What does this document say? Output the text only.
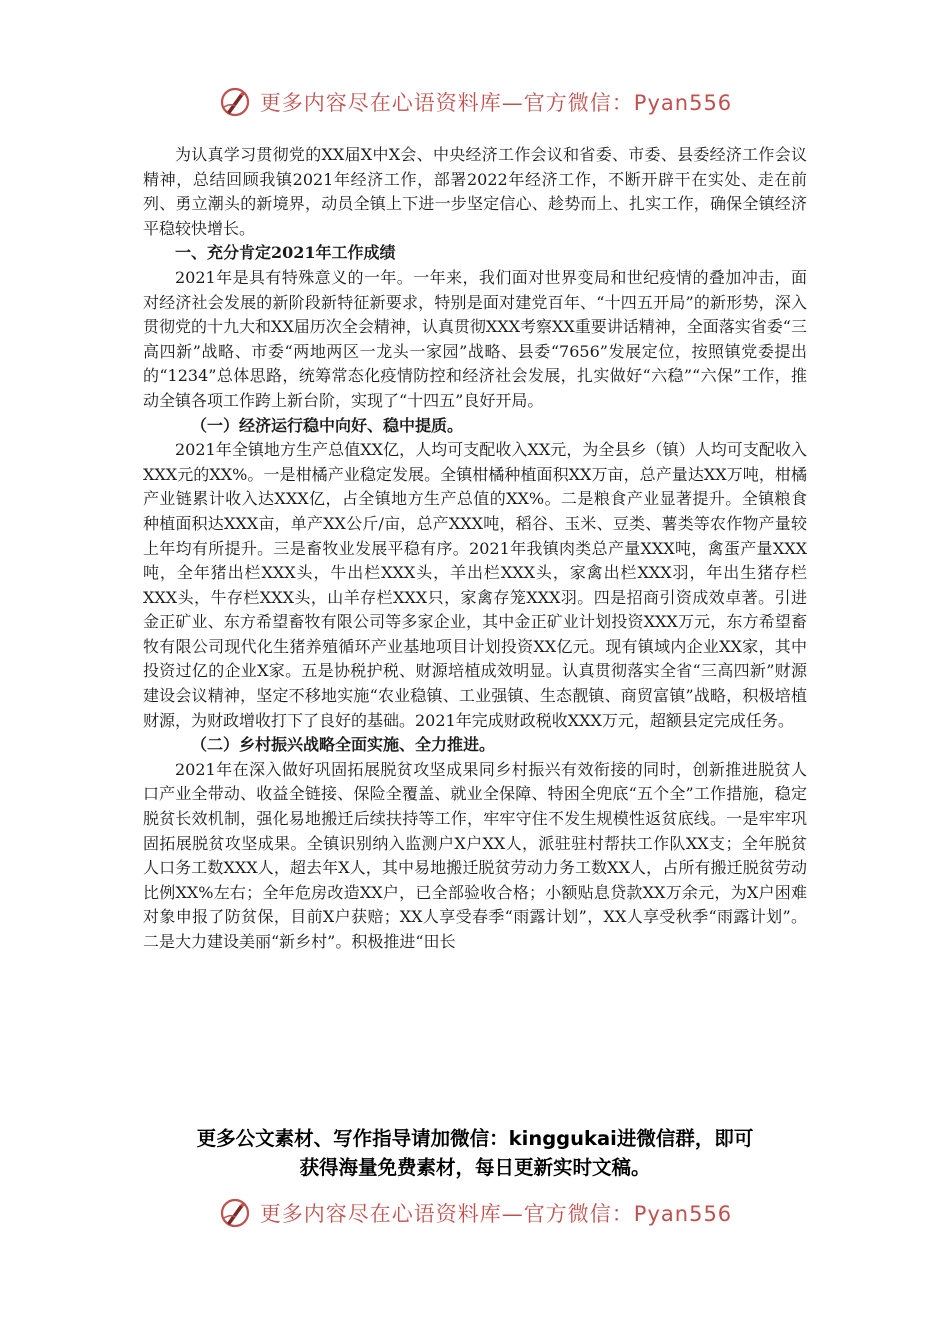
更多内容尽在心语资料库—官方微信：Pyan556

为认真学习贯彻党的XX届X中X会、中央经济工作会议和省委、市委、县委经济工作会议精神，总结回顾我镇2021年经济工作，部署2022年经济工作，不断开辟干在实处、走在前列、勇立潮头的新境界，动员全镇上下进一步坚定信心、趁势而上、扎实工作，确保全镇经济平稳较快增长。

一、充分肯定2021年工作成绩

2021年是具有特殊意义的一年。一年来，我们面对世界变局和世纪疫情的叠加冲击，面对经济社会发展的新阶段新特征新要求，特别是面对建党百年、“十四五开局”的新形势，深入贯彻党的十九大和XX届历次全会精神，认真贯彻XXX考察XX重要讲话精神，全面落实省委“三高四新”战略、市委“两地两区一龙头一家园”战略、县委“7656”发展定位，按照镇党委提出的“1234”总体思路，统筹常态化疫情防控和经济社会发展，扎实做好“六稳”“六保”工作，推动全镇各项工作跨上新台阶，实现了“十四五”良好开局。

（一）经济运行稳中向好、稳中提质。

2021年全镇地方生产总值XX亿，人均可支配收入XX元，为全县乡（镇）人均可支配收入XXX元的XX%。一是柑橘产业稳定发展。全镇柑橘种植面积XX万亩，总产量达XX万吨，柑橘产业链累计收入达XXX亿，占全镇地方生产总值的XX%。二是粮食产业显著提升。全镇粮食种植面积达XXX亩，单产XX公斤/亩，总产XXX吨，稻谷、玉米、豆类、薯类等农作物产量较上年均有所提升。三是畜牧业发展平稳有序。2021年我镇肉类总产量XXX吨，禽蛋产量XXX吨，全年猪出栏XXX头，牛出栏XXX头，羊出栏XXX头，家禽出栏XXX羽，年出生猪存栏XXX头，牛存栏XXX头，山羊存栏XXX只，家禽存笼XXX羽。四是招商引资成效卓著。引进金正矿业、东方希望畜牧有限公司等多家企业，其中金正矿业计划投资XXX万元，东方希望畜牧有限公司现代化生猪养殖循环产业基地项目计划投资XX亿元。现有镇域内企业XX家，其中投资过亿的企业X家。五是协税护税、财源培植成效明显。认真贯彻落实全省“三高四新”财源建设会议精神，坚定不移地实施“农业稳镇、工业强镇、生态靓镇、商贸富镇”战略，积极培植财源，为财政增收打下了良好的基础。2021年完成财政税收XXX万元，超额县定完成任务。

（二）乡村振兴战略全面实施、全力推进。

2021年在深入做好巩固拓展脱贫攻坚成果同乡村振兴有效衔接的同时，创新推进脱贫人口产业全带动、收益全链接、保险全覆盖、就业全保障、特困全兜底“五个全”工作措施，稳定脱贫长效机制，强化易地搬迁后续扶持等工作，牢牢守住不发生规模性返贫底线。一是牢牢巩固拓展脱贫攻坚成果。全镇识别纳入监测户X户XX人，派驻驻村帮扶工作队XX支；全年脱贫人口务工数XXX人，超去年X人，其中易地搬迁脱贫劳动力务工数XX人，占所有搬迁脱贫劳动比例XX%左右；全年危房改造XX户，已全部验收合格；小额贴息贷款XX万余元，为X户困难对象申报了防贫保，目前X户获赔；XX人享受春季“雨露计划”，XX人享受秋季“雨露计划”。二是大力建设美丽“新乡村”。积极推进“田长

更多公文素材、写作指导请加微信：kinggukai进微信群，即可
获得海量免费素材，每日更新实时文稿。
更多内容尽在心语资料库—官方微信：Pyan556
